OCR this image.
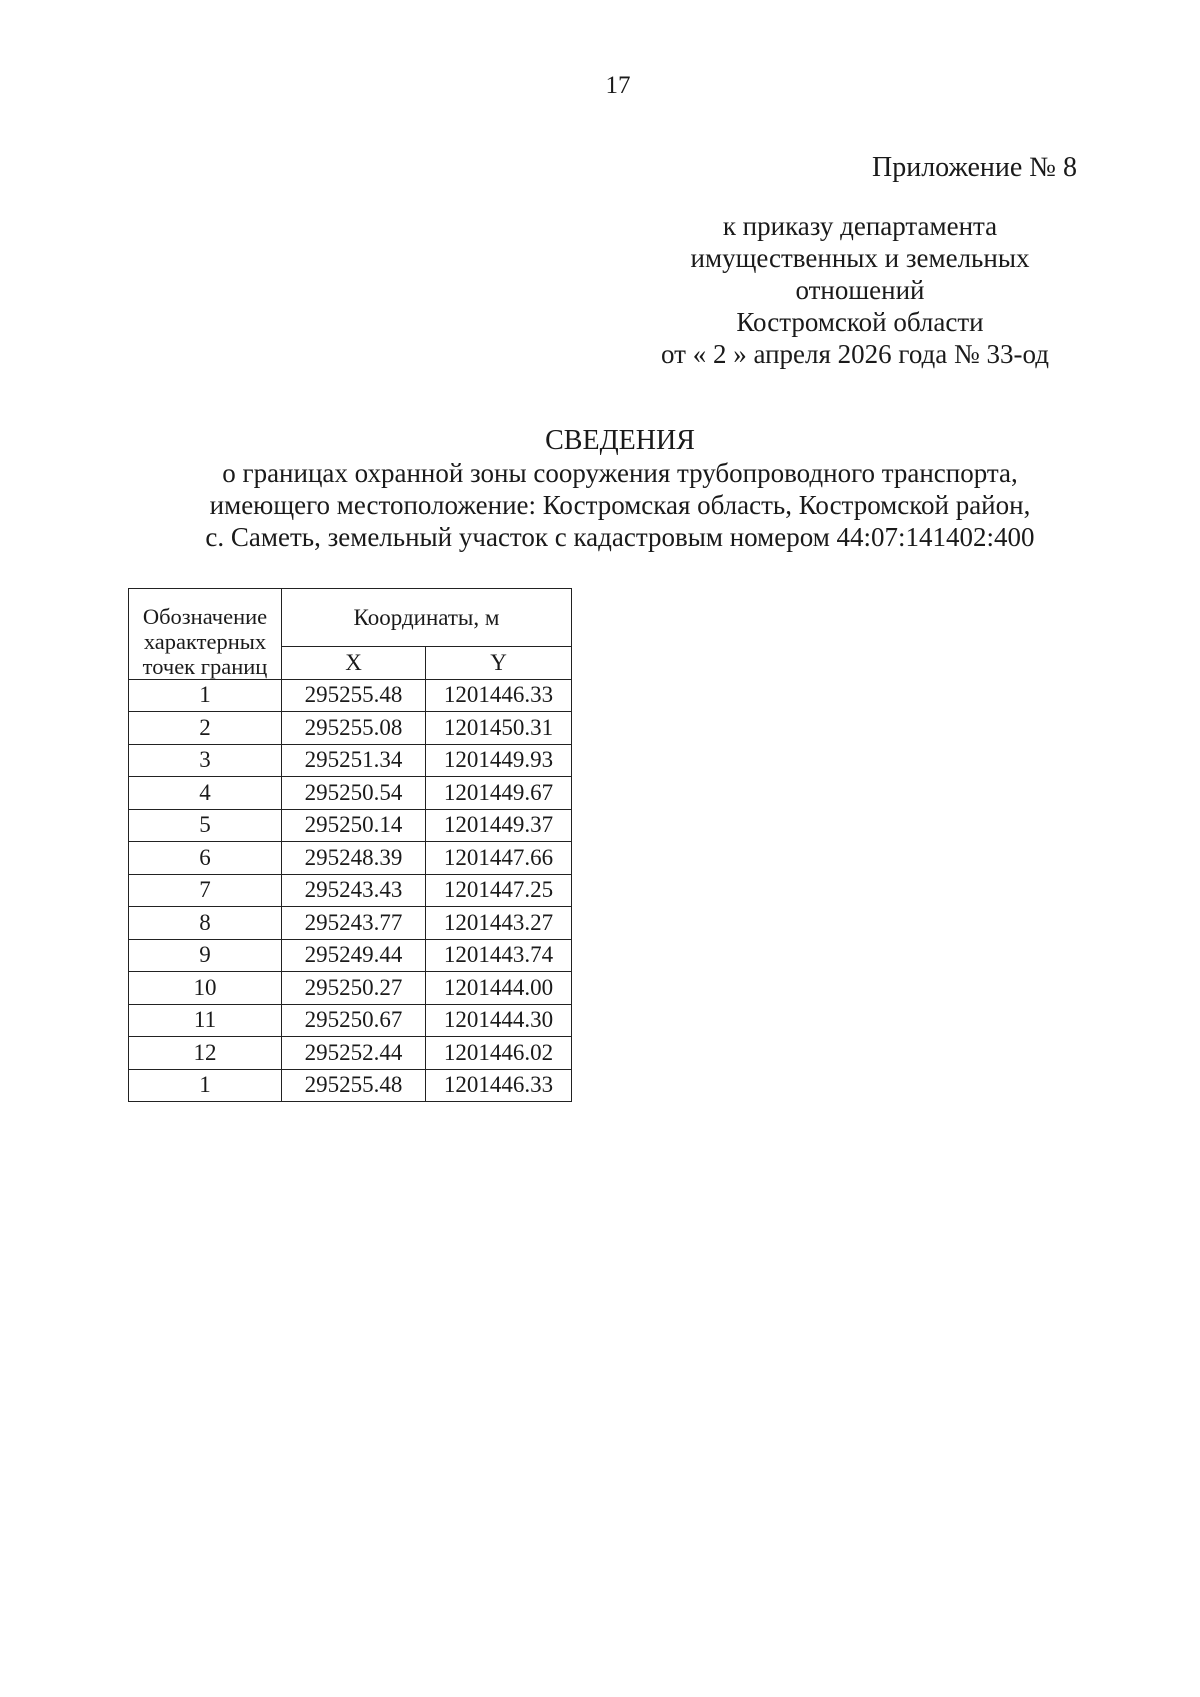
17
Приложение № 8
к приказу департамента
имущественных и земельных
отношений
Костромской области
от « 2 » апреля 2026 года № 33-од
СВЕДЕНИЯ
о границах охранной зоны сооружения трубопроводного транспорта,
имеющего местоположение: Костромская область, Костромской район,
с. Саметь, земельный участок с кадастровым номером 44:07:141402:400
Обозначение характерных точек границ	Координаты, м	
	X	Y
1	295255.48	1201446.33
2	295255.08	1201450.31
3	295251.34	1201449.93
4	295250.54	1201449.67
5	295250.14	1201449.37
6	295248.39	1201447.66
7	295243.43	1201447.25
8	295243.77	1201443.27
9	295249.44	1201443.74
10	295250.27	1201444.00
11	295250.67	1201444.30
12	295252.44	1201446.02
1	295255.48	1201446.33
